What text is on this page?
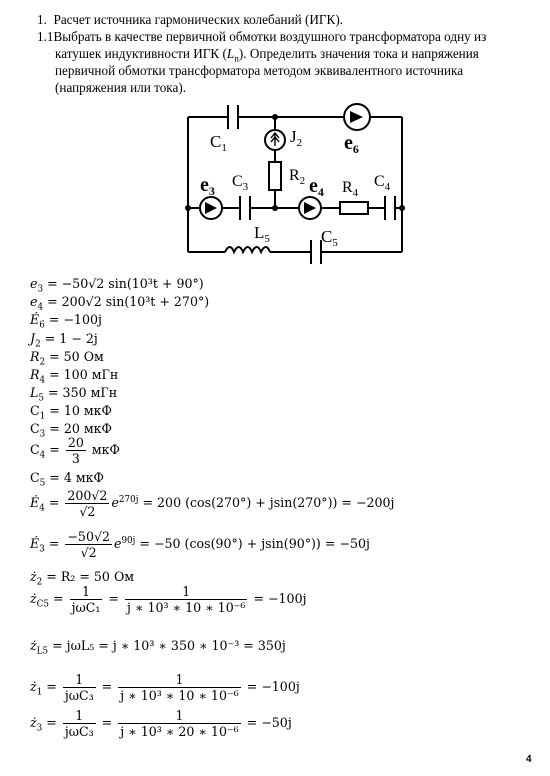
1. Расчет источника гармонических колебаний (ИГК).
1.1Выбрать в качестве первичной обмотки воздушного трансформатора одну из
катушек индуктивности ИГК $(L_n)$. Определить значения тока и напряжения
первичной обмотки трансформатора методом эквивалентного источника
(напряжения или тока).
$C_1$
$J_2$ $e_6$
$R_2$
$e_3$
$C_3$	$e_4$ $R_4$
$C_4$
$L_5$	$C_5$
$e_3 = -50√2$ sin(10³t + 90°)
$e_4 = 200√2$ sin(10³t + 270°)
$Ė_6 = -100j$
$J_2 = 1 - 2j$
$R_2 = 50$ Ом
$R_4 = 100$ мГн
$L_5 = 350$ мГн
$C_1 = 10$ мкФ
$C_3 = 20$ мкФ
$C_4 = \frac{20}{3}$ мкФ
$C_5 = 4$ мкФ
$Ė_4 = \frac{200√2}{√2} e^{270j} = 200$ (cos(270°) + jsin(270°)) = −200j
$Ė_3 = \frac{-50√2}{√2} e^{90j} = -50$ (cos(90°) + jsin(90°)) = −50j
$ż_2 = R_2 = 50$ Ом
$ż_{C5} = \frac{1}{\text{jωC₁}} = \frac{1}{\text{j ∗ 10³ ∗ 10 ∗ 10⁻⁶}} = -100j$
$ż_{L5} = j\omega L_5 = j$ ∗ 10³ ∗ 350 ∗ 10⁻³ = 350j
$ż_1 = \frac{1}{\text{jωC₃}} = \frac{1}{\text{j ∗ 10³ ∗ 10 ∗ 10⁻⁶}} = -100j$
$ż_3 = \frac{1}{\text{jωC₃}} = \frac{1}{\text{j ∗ 10³ ∗ 20 ∗ 10⁻⁶}} = -50j$
4
